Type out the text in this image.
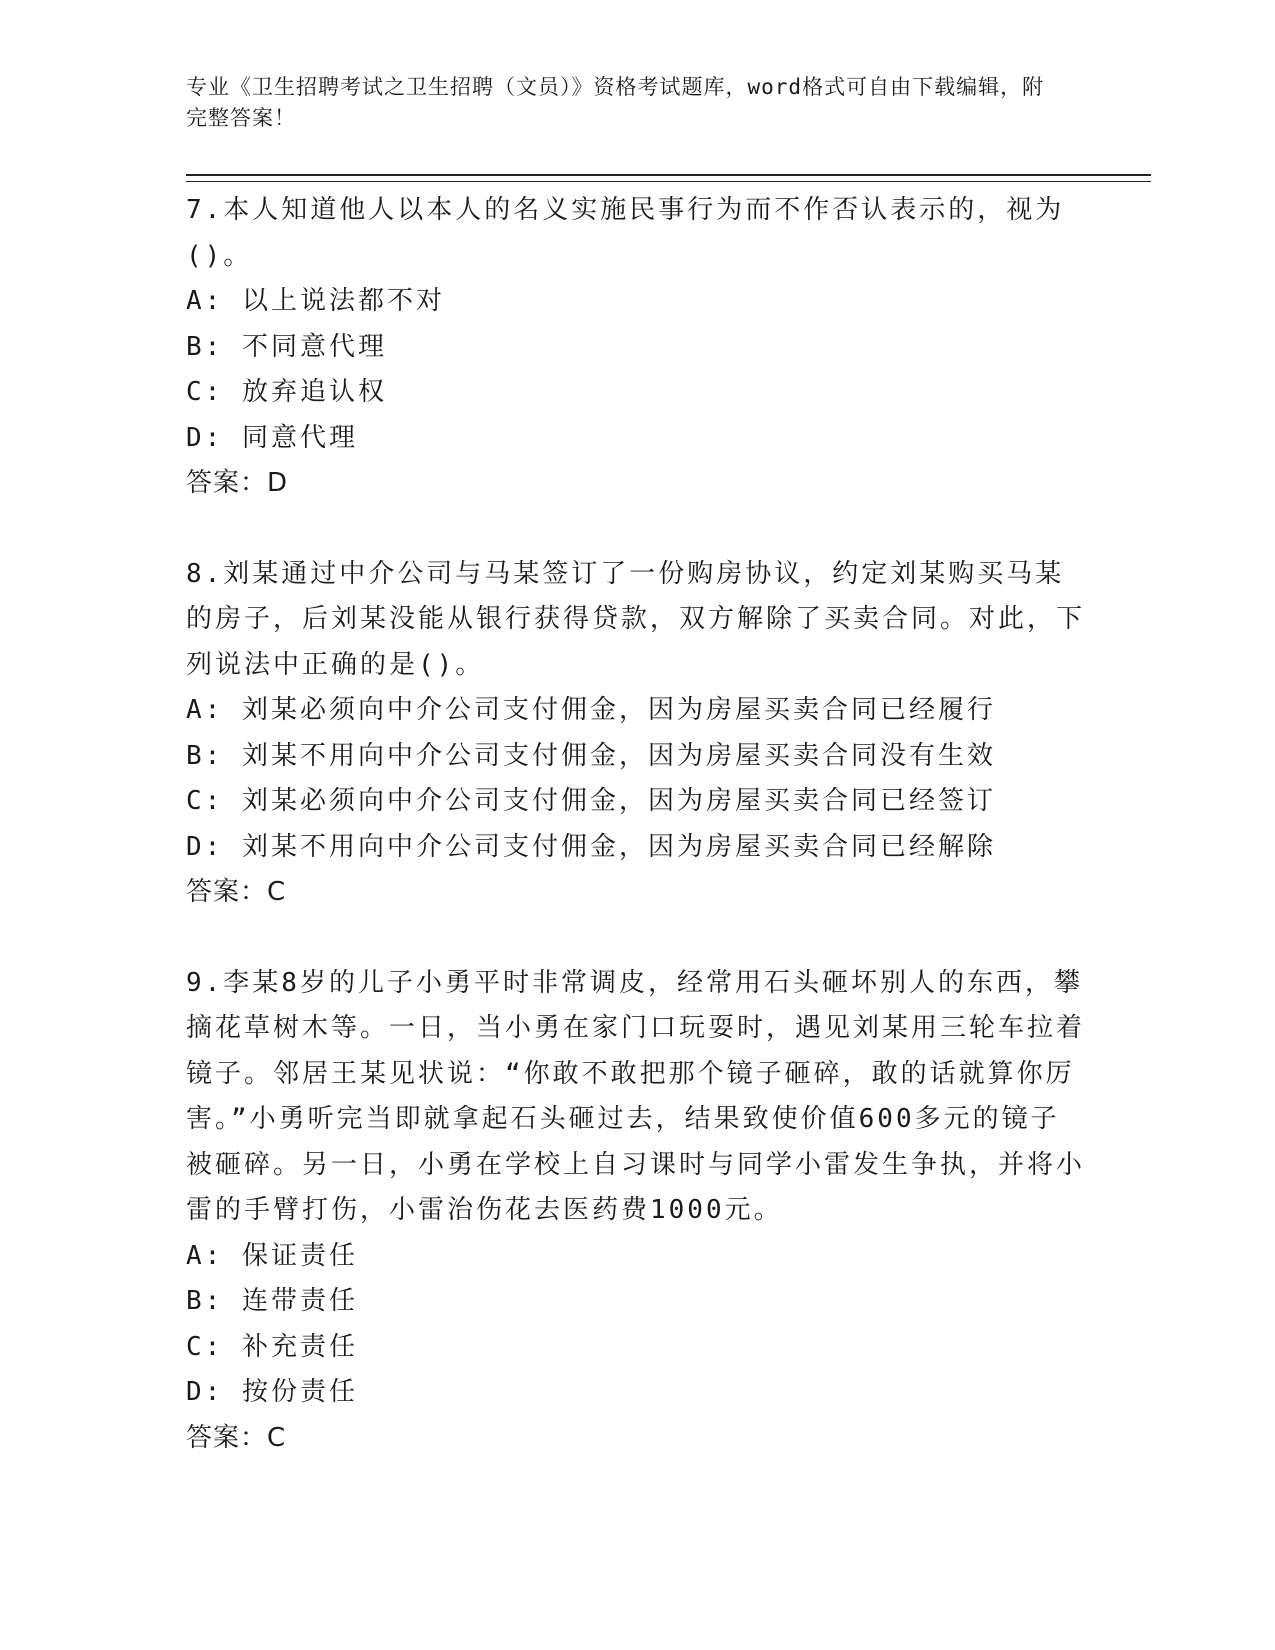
专业《卫生招聘考试之卫生招聘（文员）》资格考试题库，word格式可自由下载编辑，附完整答案！

7.本人知道他人以本人的名义实施民事行为而不作否认表示的，视为()。

A: 以上说法都不对

B: 不同意代理

C: 放弃追认权

D: 同意代理

答案：D

8.刘某通过中介公司与马某签订了一份购房协议，约定刘某购买马某的房子，后刘某没能从银行获得贷款，双方解除了买卖合同。对此，下列说法中正确的是()。

A: 刘某必须向中介公司支付佣金，因为房屋买卖合同已经履行

B: 刘某不用向中介公司支付佣金，因为房屋买卖合同没有生效

C: 刘某必须向中介公司支付佣金，因为房屋买卖合同已经签订

D: 刘某不用向中介公司支付佣金，因为房屋买卖合同已经解除

答案：C

9.李某8岁的儿子小勇平时非常调皮，经常用石头砸坏别人的东西，攀摘花草树木等。一日，当小勇在家门口玩耍时，遇见刘某用三轮车拉着镜子。邻居王某见状说：“你敢不敢把那个镜子砸碎，敢的话就算你厉害。”小勇听完当即就拿起石头砸过去，结果致使价值600多元的镜子被砸碎。另一日，小勇在学校上自习课时与同学小雷发生争执，并将小雷的手臂打伤，小雷治伤花去医药费1000元。

A: 保证责任

B: 连带责任

C: 补充责任

D: 按份责任

答案：C
